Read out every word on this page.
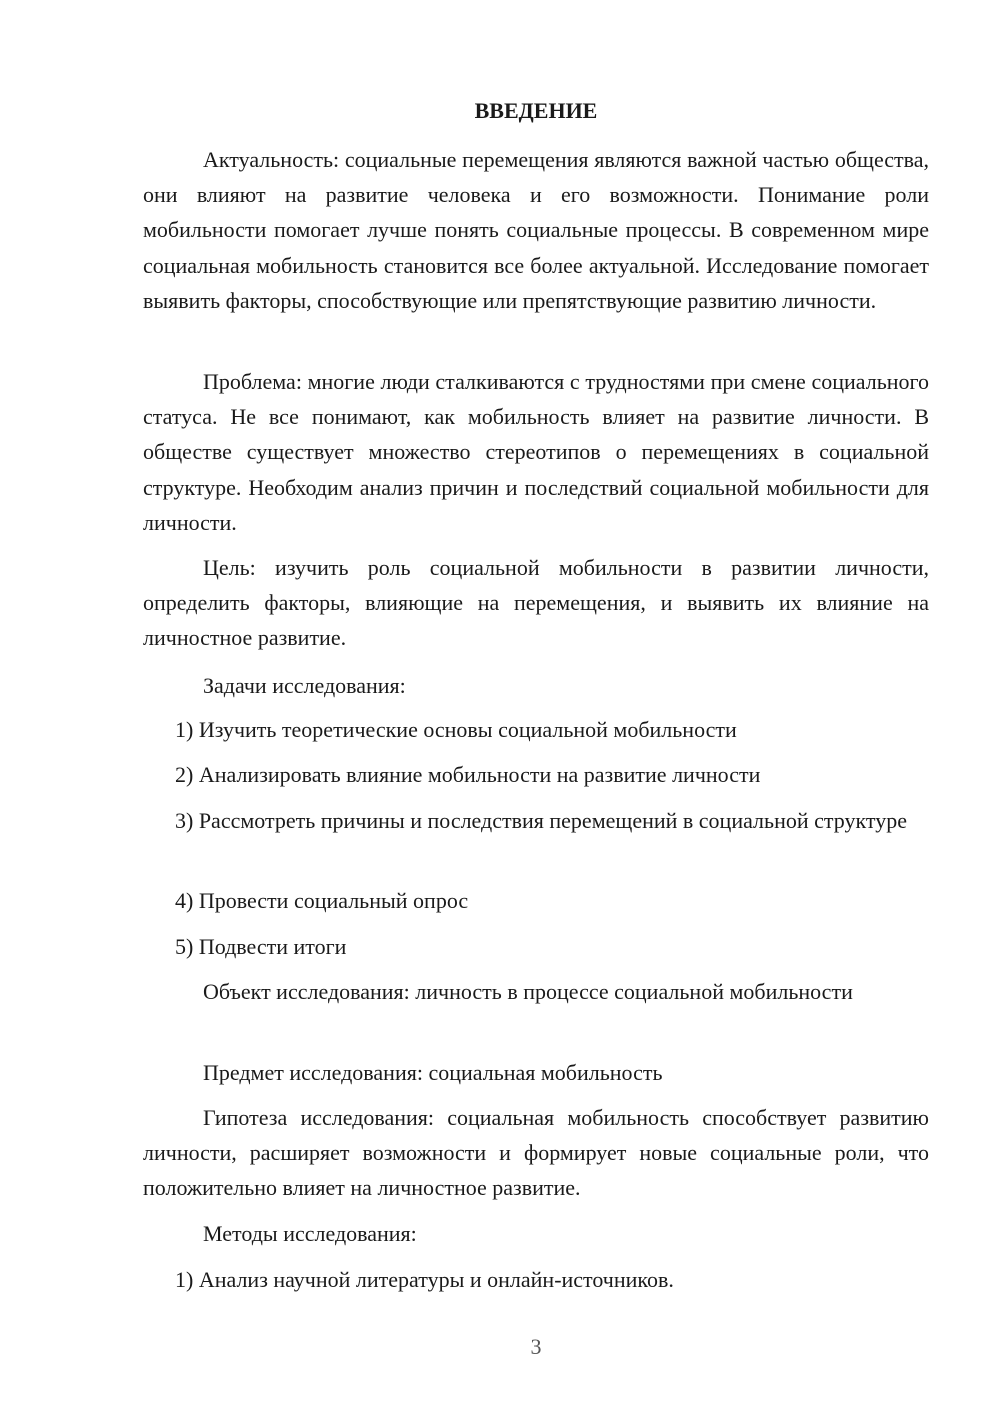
ВВЕДЕНИЕ

Актуальность: социальные перемещения являются важной частью общества, они влияют на развитие человека и его возможности. Понимание роли мобильности помогает лучше понять социальные процессы. В современном мире социальная мобильность становится все более актуальной. Исследование помогает выявить факторы, способствующие или препятствующие развитию личности.

Проблема: многие люди сталкиваются с трудностями при смене социального статуса. Не все понимают, как мобильность влияет на развитие личности. В обществе существует множество стереотипов о перемещениях в социальной структуре. Необходим анализ причин и последствий социальной мобильности для личности.

Цель: изучить роль социальной мобильности в развитии личности, определить факторы, влияющие на перемещения, и выявить их влияние на личностное развитие.

Задачи исследования:

1) Изучить теоретические основы социальной мобильности

2) Анализировать влияние мобильности на развитие личности

3) Рассмотреть причины и последствия перемещений в социальной структуре

4) Провести социальный опрос

5) Подвести итоги

Объект исследования: личность в процессе социальной мобильности

Предмет исследования: социальная мобильность

Гипотеза исследования: социальная мобильность способствует развитию личности, расширяет возможности и формирует новые социальные роли, что положительно влияет на личностное развитие.

Методы исследования:

1) Анализ научной литературы и онлайн-источников.

3
